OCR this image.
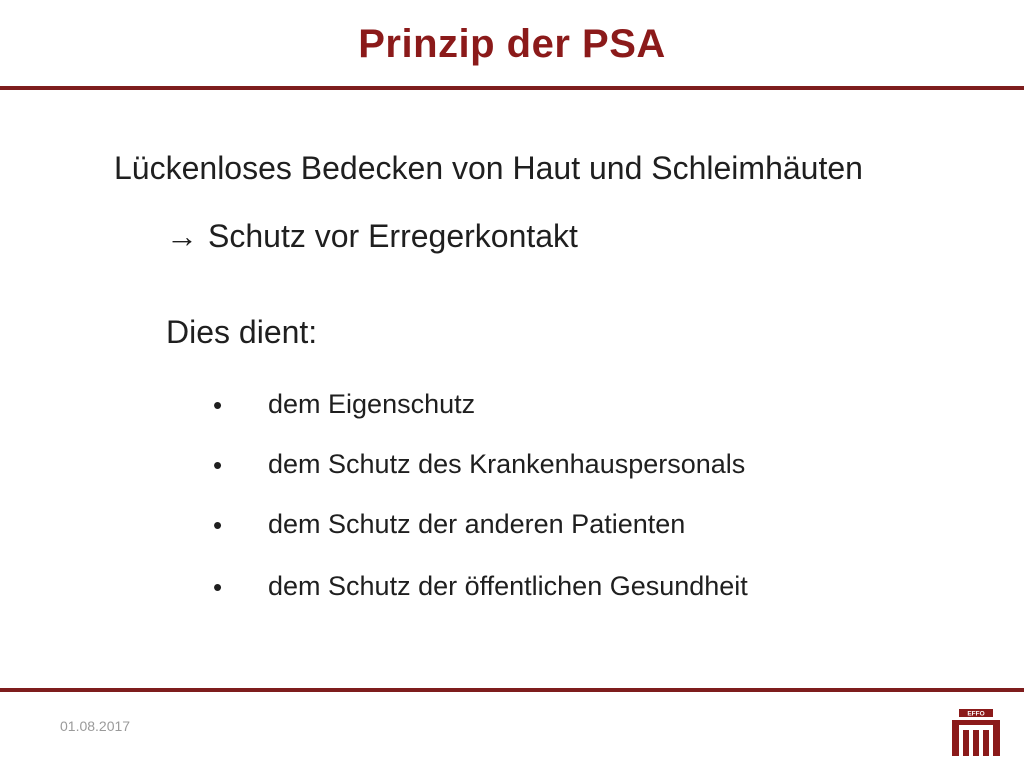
Prinzip der PSA
Lückenloses Bedecken von Haut und Schleimhäuten
→ Schutz vor Erregerkontakt
Dies dient:
• dem Eigenschutz
• dem Schutz des Krankenhauspersonals
• dem Schutz der anderen Patienten
• dem Schutz der öffentlichen Gesundheit
01.08.2017
EFFO
